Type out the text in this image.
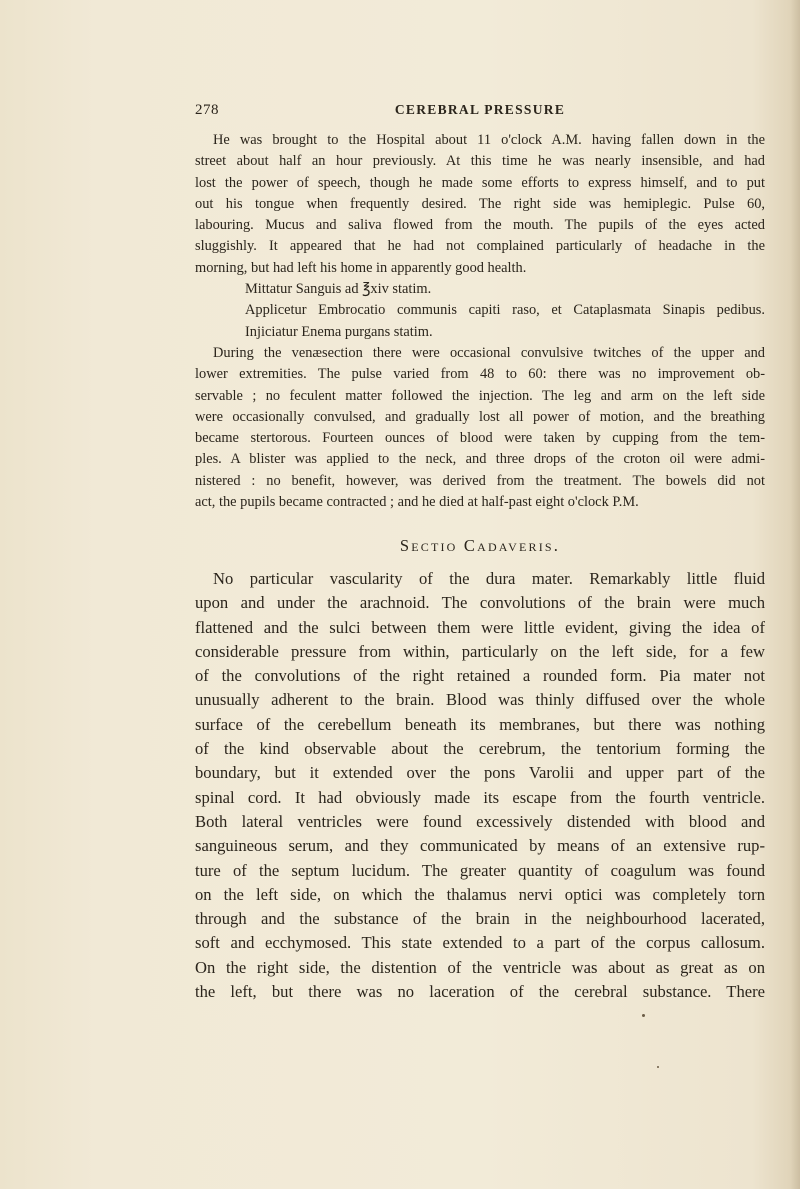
278	CEREBRAL PRESSURE
He was brought to the Hospital about 11 o'clock A.M. having fallen down in the
street about half an hour previously. At this time he was nearly insensible, and had
lost the power of speech, though he made some efforts to express himself, and to put
out his tongue when frequently desired. The right side was hemiplegic. Pulse 60,
labouring. Mucus and saliva flowed from the mouth. The pupils of the eyes acted
sluggishly. It appeared that he had not complained particularly of headache in the
morning, but had left his home in apparently good health.
Mittatur Sanguis ad ℥xiv statim.
Applicetur Embrocatio communis capiti raso, et Cataplasmata Sinapis pedibus.
Injiciatur Enema purgans statim.
During the venæsection there were occasional convulsive twitches of the upper and
lower extremities. The pulse varied from 48 to 60: there was no improvement ob-
servable ; no feculent matter followed the injection. The leg and arm on the left side
were occasionally convulsed, and gradually lost all power of motion, and the breathing
became stertorous. Fourteen ounces of blood were taken by cupping from the tem-
ples. A blister was applied to the neck, and three drops of the croton oil were admi-
nistered : no benefit, however, was derived from the treatment. The bowels did not
act, the pupils became contracted ; and he died at half-past eight o'clock P.M.
Sectio Cadaveris.
No particular vascularity of the dura mater. Remarkably little fluid
upon and under the arachnoid. The convolutions of the brain were much
flattened and the sulci between them were little evident, giving the idea of
considerable pressure from within, particularly on the left side, for a few
of the convolutions of the right retained a rounded form. Pia mater not
unusually adherent to the brain. Blood was thinly diffused over the whole
surface of the cerebellum beneath its membranes, but there was nothing
of the kind observable about the cerebrum, the tentorium forming the
boundary, but it extended over the pons Varolii and upper part of the
spinal cord. It had obviously made its escape from the fourth ventricle.
Both lateral ventricles were found excessively distended with blood and
sanguineous serum, and they communicated by means of an extensive rup-
ture of the septum lucidum. The greater quantity of coagulum was found
on the left side, on which the thalamus nervi optici was completely torn
through and the substance of the brain in the neighbourhood lacerated,
soft and ecchymosed. This state extended to a part of the corpus callosum.
On the right side, the distention of the ventricle was about as great as on
the left, but there was no laceration of the cerebral substance. There
